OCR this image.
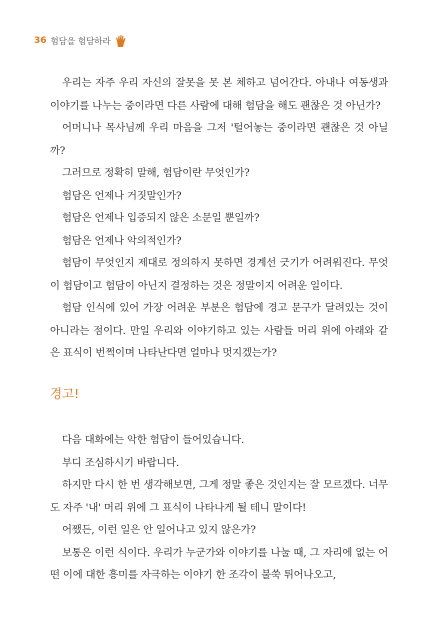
36 험담을 험담하라

우리는 자주 우리 자신의 잘못을 못 본 체하고 넘어간다. 아내나 여동생과 이야기를 나누는 중이라면 다른 사람에 대해 험담을 해도 괜찮은 것 아닌가?

어머니나 목사님께 우리 마음을 그저 '털어놓는 중이라면 괜찮은 것 아닐까?

그러므로 정확히 말해, 험담이란 무엇인가?

험담은 언제나 거짓말인가?

험담은 언제나 입증되지 않은 소문일 뿐일까?

험담은 언제나 악의적인가?

험담이 무엇인지 제대로 정의하지 못하면 경계선 긋기가 어려워진다. 무엇이 험담이고 험담이 아닌지 결정하는 것은 정말이지 어려운 일이다.

험담 인식에 있어 가장 어려운 부분은 험담에 경고 문구가 달려있는 것이 아니라는 점이다. 만일 우리와 이야기하고 있는 사람들 머리 위에 아래와 같은 표식이 번쩍이며 나타난다면 얼마나 멋지겠는가?

경고!

다음 대화에는 악한 험담이 들어있습니다.

부디 조심하시기 바랍니다.

하지만 다시 한 번 생각해보면, 그게 정말 좋은 것인지는 잘 모르겠다. 너무도 자주 '내' 머리 위에 그 표식이 나타나게 될 테니 말이다!

어쨌든, 이런 일은 안 일어나고 있지 않은가?

보통은 이런 식이다. 우리가 누군가와 이야기를 나눌 때, 그 자리에 없는 어떤 이에 대한 흥미를 자극하는 이야기 한 조각이 불쑥 튀어나오고,
